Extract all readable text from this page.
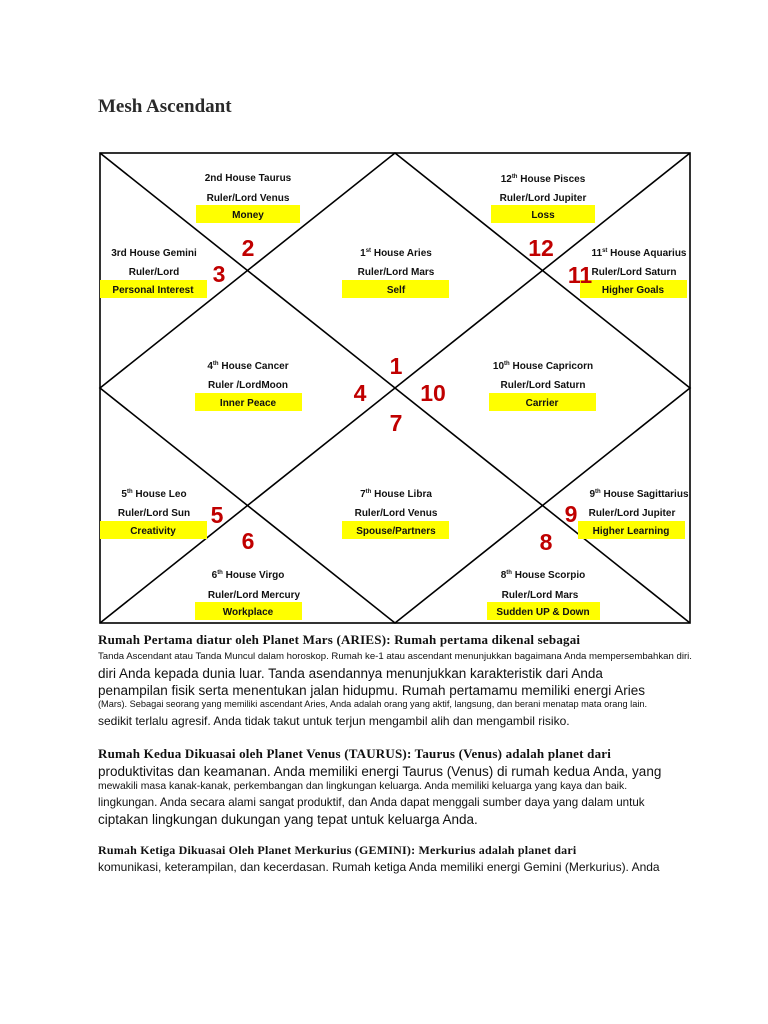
Mesh Ascendant
2nd House Taurus
Ruler/Lord Venus
Money
12th House Pisces
Ruler/Lord Jupiter
Loss
3rd House Gemini
Ruler/Lord
Personal Interest
1st House Aries
Ruler/Lord Mars
Self
11st House Aquarius
Ruler/Lord Saturn
Higher Goals
4th House Cancer
Ruler /LordMoon
Inner Peace
10th House Capricorn
Ruler/Lord Saturn
Carrier
5th House Leo
Ruler/Lord Sun
Creativity
7th House Libra
Ruler/Lord Venus
Spouse/Partners
9th House Sagittarius
Ruler/Lord Jupiter
Higher Learning
6th House Virgo
Ruler/Lord Mercury
Workplace
8th House Scorpio
Ruler/Lord Mars
Sudden UP & Down
1
2
3
4
5
6
7
8
9
10
11
12

Rumah Pertama diatur oleh Planet Mars (ARIES): Rumah pertama dikenal sebagai

Tanda Ascendant atau Tanda Muncul dalam horoskop. Rumah ke-1 atau ascendant menunjukkan bagaimana Anda mempersembahkan diri.

diri Anda kepada dunia luar. Tanda asendannya menunjukkan karakteristik dari Anda

penampilan fisik serta menentukan jalan hidupmu. Rumah pertamamu memiliki energi Aries

(Mars). Sebagai seorang yang memiliki ascendant Aries, Anda adalah orang yang aktif, langsung, dan berani menatap mata orang lain.

sedikit terlalu agresif. Anda tidak takut untuk terjun mengambil alih dan mengambil risiko.

Rumah Kedua Dikuasai oleh Planet Venus (TAURUS): Taurus (Venus) adalah planet dari

produktivitas dan keamanan. Anda memiliki energi Taurus (Venus) di rumah kedua Anda, yang

mewakili masa kanak-kanak, perkembangan dan lingkungan keluarga. Anda memiliki keluarga yang kaya dan baik.

lingkungan. Anda secara alami sangat produktif, dan Anda dapat menggali sumber daya yang dalam untuk

ciptakan lingkungan dukungan yang tepat untuk keluarga Anda.

Rumah Ketiga Dikuasai Oleh Planet Merkurius (GEMINI): Merkurius adalah planet dari

komunikasi, keterampilan, dan kecerdasan. Rumah ketiga Anda memiliki energi Gemini (Merkurius). Anda
